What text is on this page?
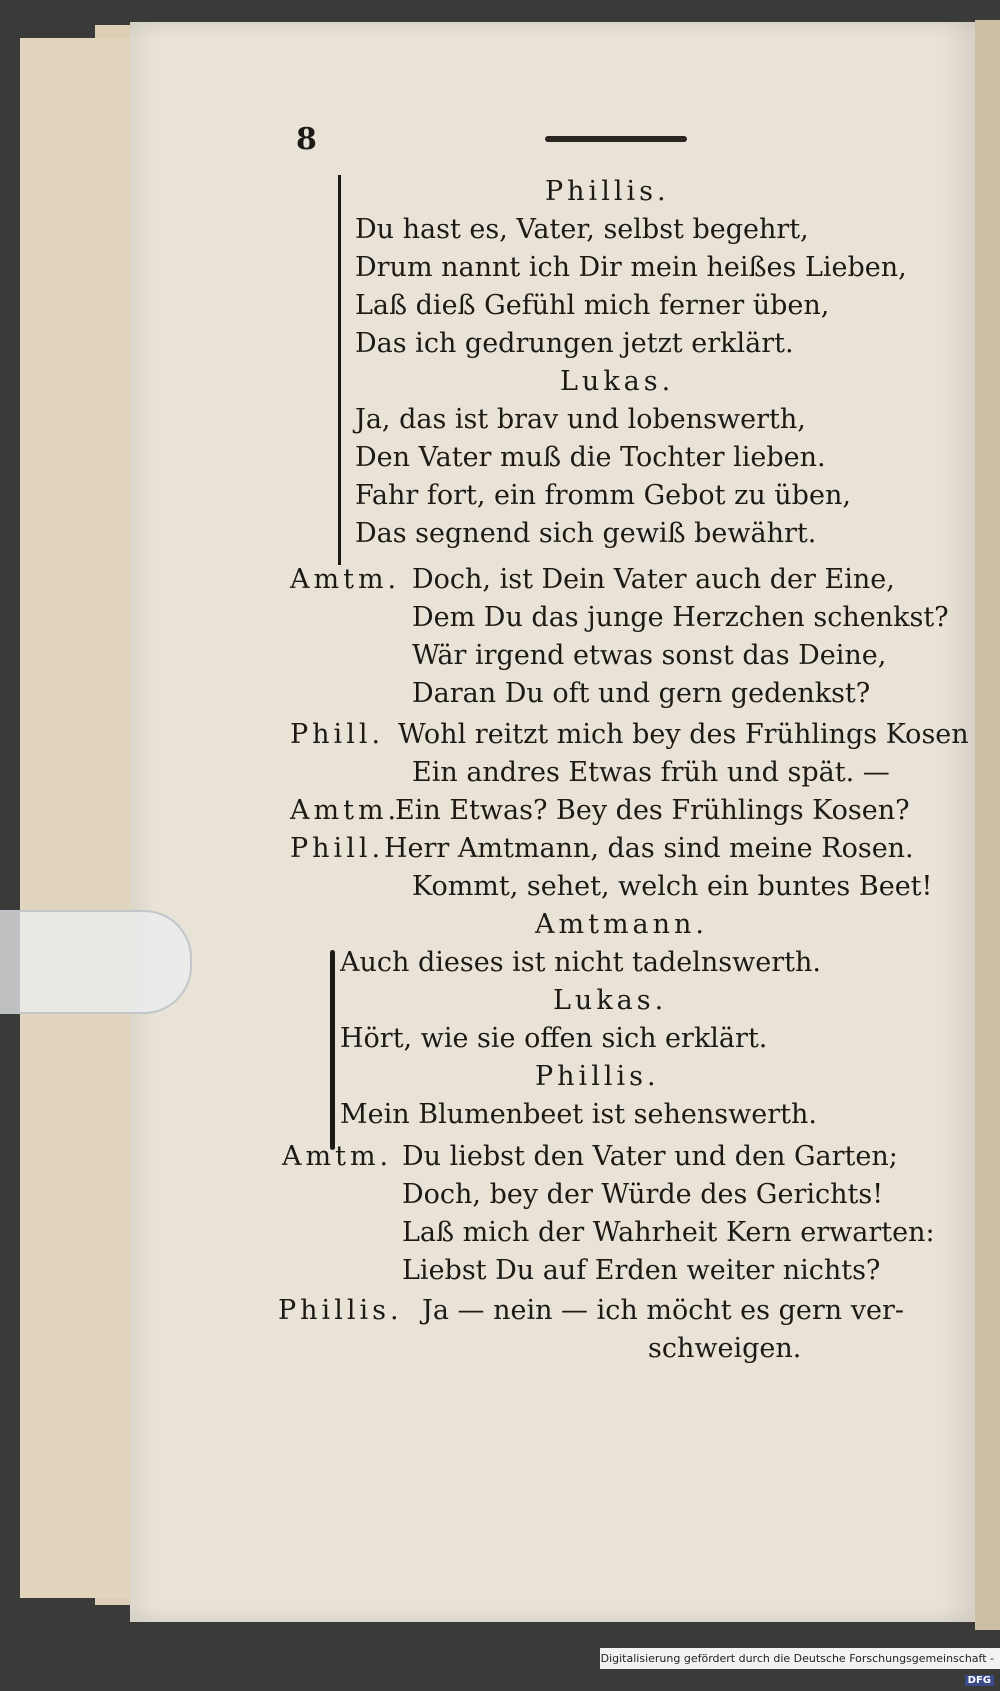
8
Phillis.
Du hast es, Vater, selbst begehrt,
Drum nannt ich Dir mein heißes Lieben,
Laß dieß Gefühl mich ferner üben,
Das ich gedrungen jetzt erklärt.
Lukas.
Ja, das ist brav und lobenswerth,
Den Vater muß die Tochter lieben.
Fahr fort, ein fromm Gebot zu üben,
Das segnend sich gewiß bewährt.
Amtm. Doch, ist Dein Vater auch der Eine,
Dem Du das junge Herzchen schenkst?
Wär irgend etwas sonst das Deine,
Daran Du oft und gern gedenkst?
Phill. Wohl reitzt mich bey des Frühlings Kosen
Ein andres Etwas früh und spät. —
Amtm.
Ein Etwas? Bey des Frühlings Kosen?
Phill. Herr Amtmann, das sind meine Rosen.
Kommt, sehet, welch ein buntes Beet!
Amtmann.
Auch dieses ist nicht tadelnswerth.
Lukas.
Hört, wie sie offen sich erklärt.
Phillis.
Mein Blumenbeet ist sehenswerth.
Amtm. Du liebst den Vater und den Garten;
Doch, bey der Würde des Gerichts!
Laß mich der Wahrheit Kern erwarten:
Liebst Du auf Erden weiter nichts?
Phillis. Ja — nein — ich möcht es gern ver-
schweigen.
Digitalisierung gefördert durch die Deutsche Forschungsgemeinschaft - DFG
